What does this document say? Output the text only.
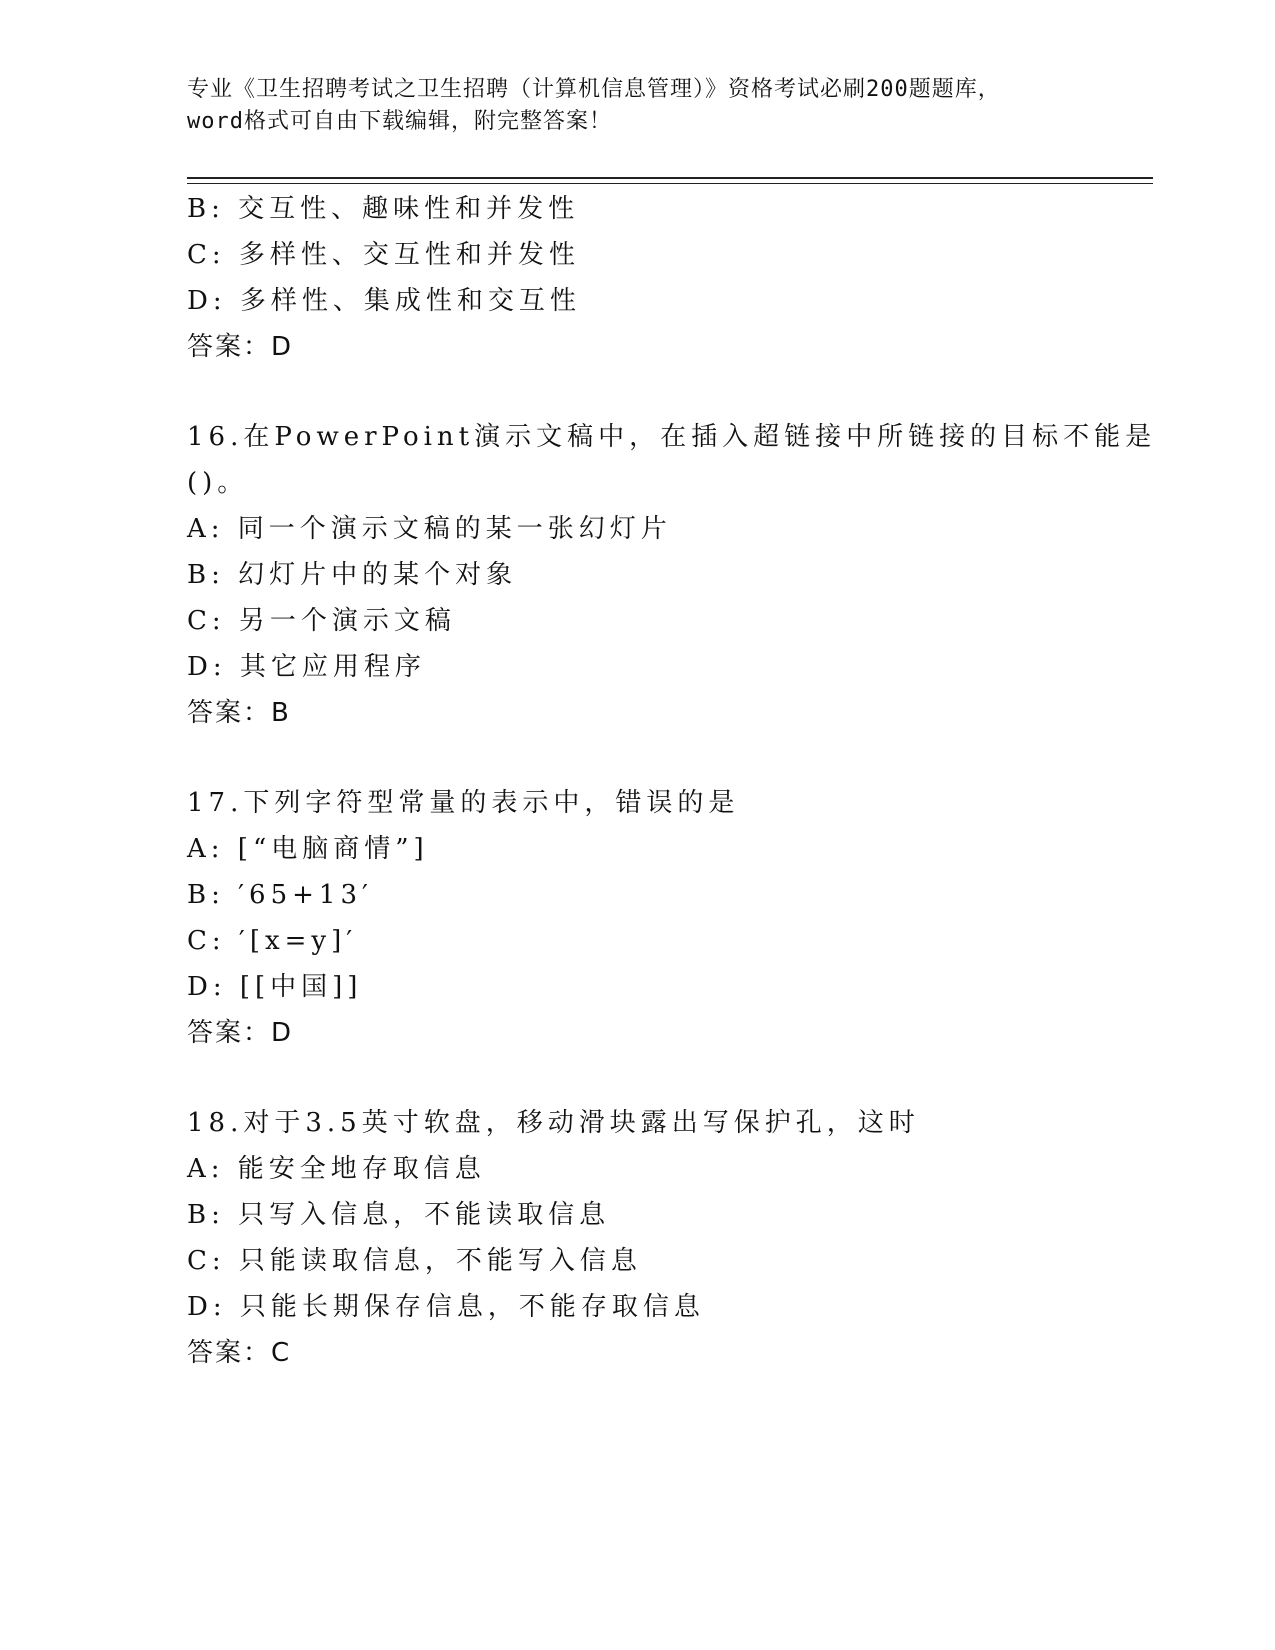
专业《卫生招聘考试之卫生招聘（计算机信息管理）》资格考试必刷200题题库，
word格式可自由下载编辑，附完整答案！
B: 交互性、趣味性和并发性
C: 多样性、交互性和并发性
D: 多样性、集成性和交互性
答案：D
16.在PowerPoint演示文稿中，在插入超链接中所链接的目标不能是
()。
A: 同一个演示文稿的某一张幻灯片
B: 幻灯片中的某个对象
C: 另一个演示文稿
D: 其它应用程序
答案：B
17.下列字符型常量的表示中，错误的是
A: [“电脑商情”]
B: ′65+13′
C: ′[x=y]′
D: [[中国]]
答案：D
18.对于3.5英寸软盘，移动滑块露出写保护孔，这时
A: 能安全地存取信息
B: 只写入信息，不能读取信息
C: 只能读取信息，不能写入信息
D: 只能长期保存信息，不能存取信息
答案：C
